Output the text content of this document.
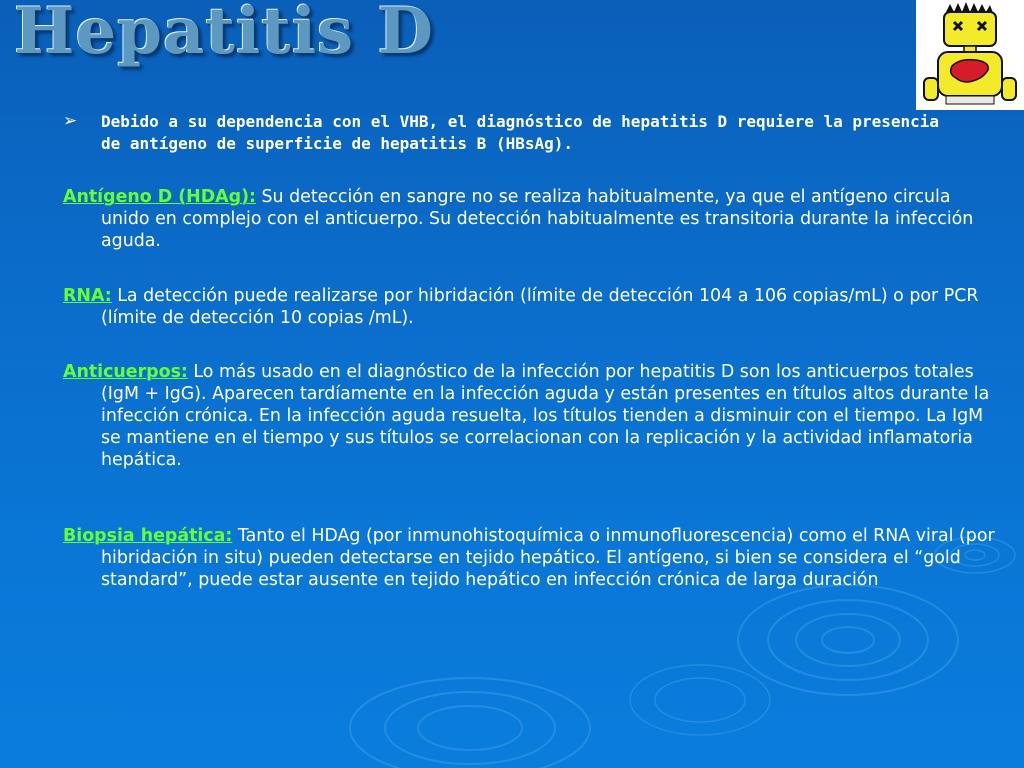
Hepatitis D
➢ Debido a su dependencia con el VHB, el diagnóstico de hepatitis D requiere la presencia de antígeno de superficie de hepatitis B (HBsAg).
Antígeno D (HDAg): Su detección en sangre no se realiza habitualmente, ya que el antígeno circula unido en complejo con el anticuerpo. Su detección habitualmente es transitoria durante la infección aguda.
RNA: La detección puede realizarse por hibridación (límite de detección 104 a 106 copias/mL) o por PCR (límite de detección 10 copias /mL).
Anticuerpos: Lo más usado en el diagnóstico de la infección por hepatitis D son los anticuerpos totales (IgM + IgG). Aparecen tardíamente en la infección aguda y están presentes en títulos altos durante la infección crónica. En la infección aguda resuelta, los títulos tienden a disminuir con el tiempo. La IgM se mantiene en el tiempo y sus títulos se correlacionan con la replicación y la actividad inflamatoria hepática.
Biopsia hepática: Tanto el HDAg (por inmunohistoquímica o inmunofluorescencia) como el RNA viral (por hibridación in situ) pueden detectarse en tejido hepático. El antígeno, si bien se considera el “gold standard”, puede estar ausente en tejido hepático en infección crónica de larga duración
